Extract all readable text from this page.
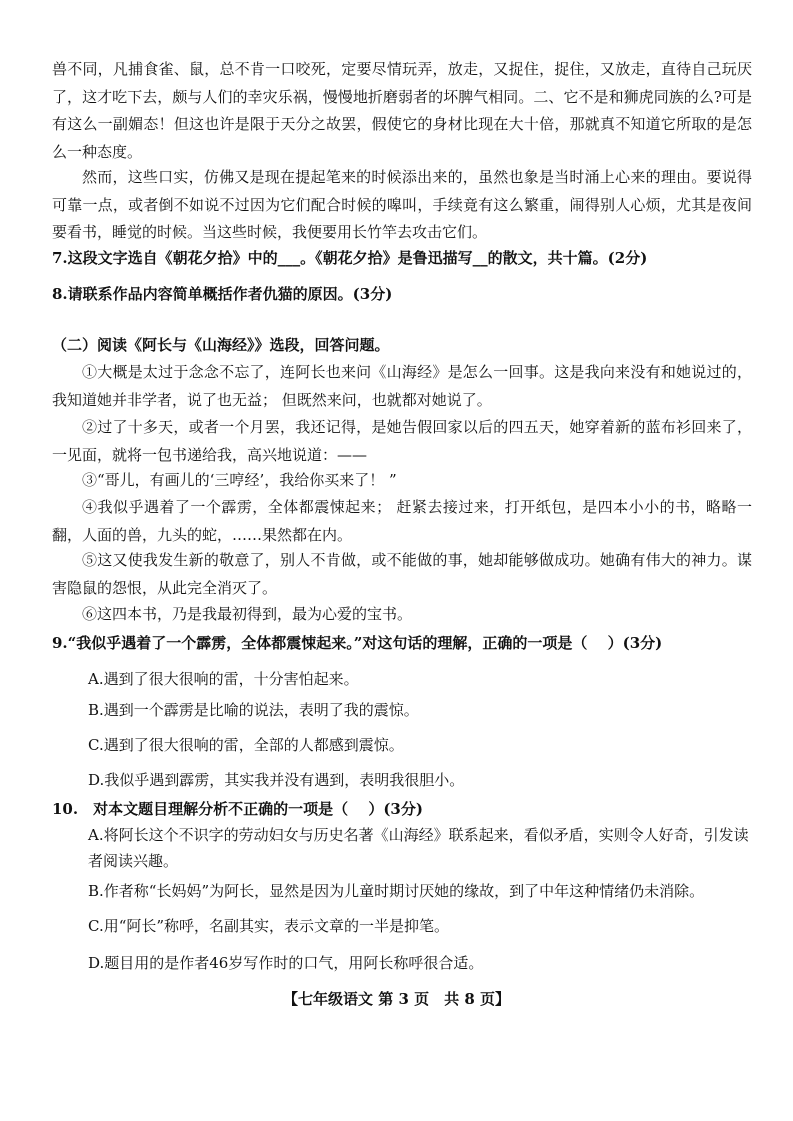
兽不同，凡捕食雀、鼠，总不肯一口咬死，定要尽情玩弄，放走，又捉住，捉住，又放走，直待自己玩厌了，这才吃下去，颇与人们的幸灾乐祸，慢慢地折磨弱者的坏脾气相同。二、它不是和狮虎同族的么?可是有这么一副媚态！但这也许是限于天分之故罢，假使它的身材比现在大十倍，那就真不知道它所取的是怎么一种态度。

然而，这些口实，仿佛又是现在提起笔来的时候添出来的，虽然也象是当时涌上心来的理由。要说得可靠一点，或者倒不如说不过因为它们配合时候的嗥叫，手续竟有这么繁重，闹得别人心烦，尤其是夜间要看书，睡觉的时候。当这些时候，我便要用长竹竿去攻击它们。

7.这段文字选自《朝花夕拾》中的___。《朝花夕拾》是鲁迅描写__的散文，共十篇。(2分)

8.请联系作品内容简单概括作者仇猫的原因。(3分)

（二）阅读《阿长与《山海经》》选段，回答问题。

①大概是太过于念念不忘了，连阿长也来问《山海经》是怎么一回事。这是我向来没有和她说过的，我知道她并非学者，说了也无益； 但既然来问，也就都对她说了。

②过了十多天，或者一个月罢，我还记得，是她告假回家以后的四五天，她穿着新的蓝布衫回来了，一见面，就将一包书递给我，高兴地说道：——

③“哥儿，有画儿的‘三哼经’，我给你买来了！ ”

④我似乎遇着了一个霹雳，全体都震悚起来； 赶紧去接过来，打开纸包，是四本小小的书，略略一翻，人面的兽，九头的蛇，……果然都在内。

⑤这又使我发生新的敬意了，别人不肯做，或不能做的事，她却能够做成功。她确有伟大的神力。谋害隐鼠的怨恨，从此完全消灭了。

⑥这四本书，乃是我最初得到，最为心爱的宝书。

9.“我似乎遇着了一个霹雳，全体都震悚起来。”对这句话的理解，正确的一项是（　 ）(3分)

A.遇到了很大很响的雷，十分害怕起来。

B.遇到一个霹雳是比喻的说法，表明了我的震惊。

C.遇到了很大很响的雷，全部的人都感到震惊。

D.我似乎遇到霹雳，其实我并没有遇到，表明我很胆小。

10.　对本文题目理解分析不正确的一项是（　 ）(3分)

A.将阿长这个不识字的劳动妇女与历史名著《山海经》联系起来，看似矛盾，实则令人好奇，引发读者阅读兴趣。

B.作者称“长妈妈”为阿长，显然是因为儿童时期讨厌她的缘故，到了中年这种情绪仍未消除。

C.用“阿长”称呼，名副其实，表示文章的一半是抑笔。

D.题目用的是作者46岁写作时的口气，用阿长称呼很合适。

【七年级语文 第 3 页　共 8 页】
